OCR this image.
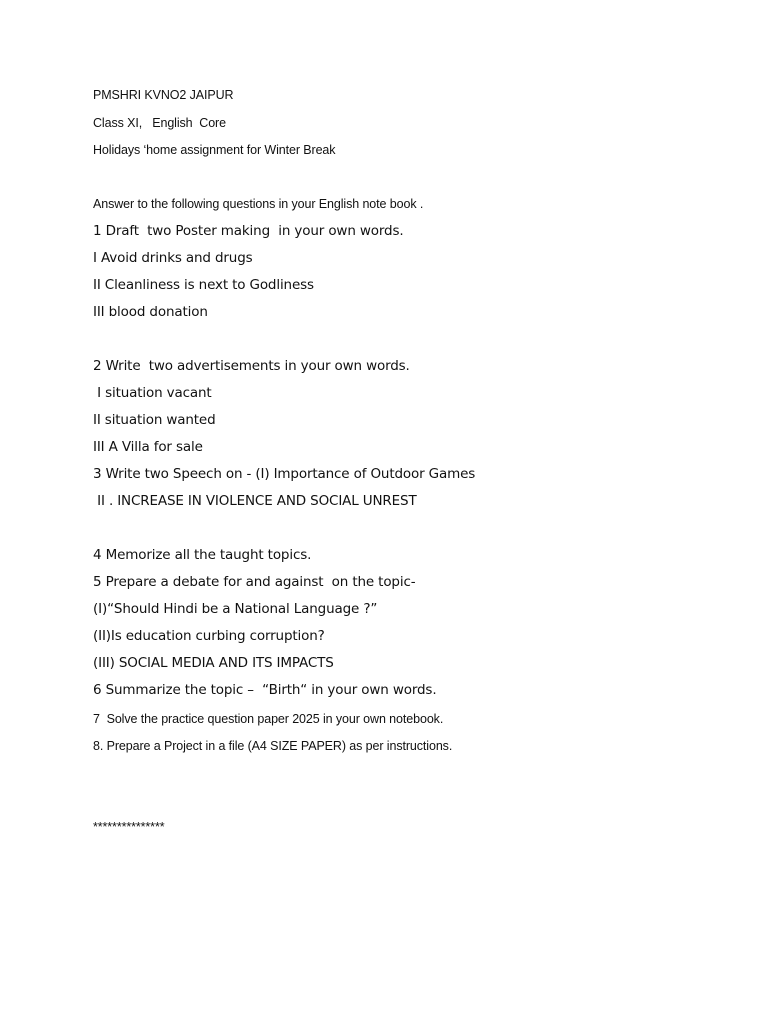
PMSHRI KVNO2 JAIPUR
Class XI,   English  Core
Holidays ‘home assignment for Winter Break
Answer to the following questions in your English note book .
1 Draft  two Poster making  in your own words.
I Avoid drinks and drugs
II Cleanliness is next to Godliness
III blood donation
2 Write  two advertisements in your own words.
I situation vacant
II situation wanted
III A Villa for sale
3 Write two Speech on - (I) Importance of Outdoor Games
II . INCREASE IN VIOLENCE AND SOCIAL UNREST
4 Memorize all the taught topics.
5 Prepare a debate for and against  on the topic-
(I)“Should Hindi be a National Language ?”
(II)Is education curbing corruption?
(III) SOCIAL MEDIA AND ITS IMPACTS
6 Summarize the topic –  “Birth“ in your own words.
7  Solve the practice question paper 2025 in your own notebook.
8. Prepare a Project in a file (A4 SIZE PAPER) as per instructions.
***************
